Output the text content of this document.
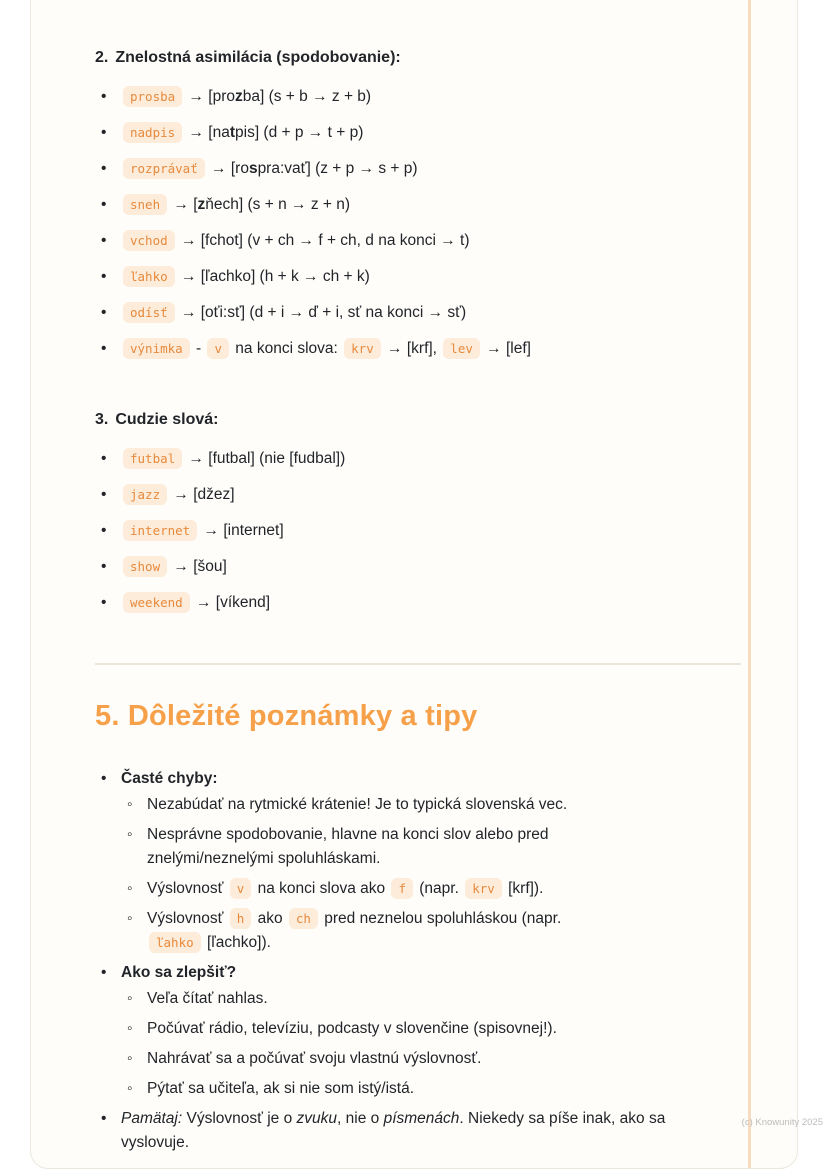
2. Znelostná asimilácia (spodobovanie):
• prosba → [prozba] (s + b → z + b)
• nadpis → [natpis] (d + p → t + p)
• rozprávať → [rospra:vať] (z + p → s + p)
• sneh → [zňech] (s + n → z + n)
• vchod → [fchot] (v + ch → f + ch, d na konci → t)
• ľahko → [ľachko] (h + k → ch + k)
• odísť → [oťi:sť] (d + i → ď + i, sť na konci → sť)
• výnimka - v na konci slova: krv → [krf], lev → [lef]
3. Cudzie slová:
• futbal → [futbal] (nie [fudbal])
• jazz → [džez]
• internet → [internet]
• show → [šou]
• weekend → [víkend]
5. Dôležité poznámky a tipy
• Časté chyby:
◦ Nezabúdať na rytmické krátenie! Je to typická slovenská vec.
◦ Nesprávne spodobovanie, hlavne na konci slov alebo pred znelými/neznelými spoluhláskami.
◦ Výslovnosť v na konci slova ako f (napr. krv [krf]).
◦ Výslovnosť h ako ch pred neznelou spoluhláskou (napr. ľahko [ľachko]).
• Ako sa zlepšiť?
◦ Veľa čítať nahlas.
◦ Počúvať rádio, televíziu, podcasty v slovenčine (spisovnej!).
◦ Nahrávať sa a počúvať svoju vlastnú výslovnosť.
◦ Pýtať sa učiteľa, ak si nie som istý/istá.
• Pamätaj: Výslovnosť je o zvuku, nie o písmenách. Niekedy sa píše inak, ako sa vyslovuje.
(c) Knowunity 2025
